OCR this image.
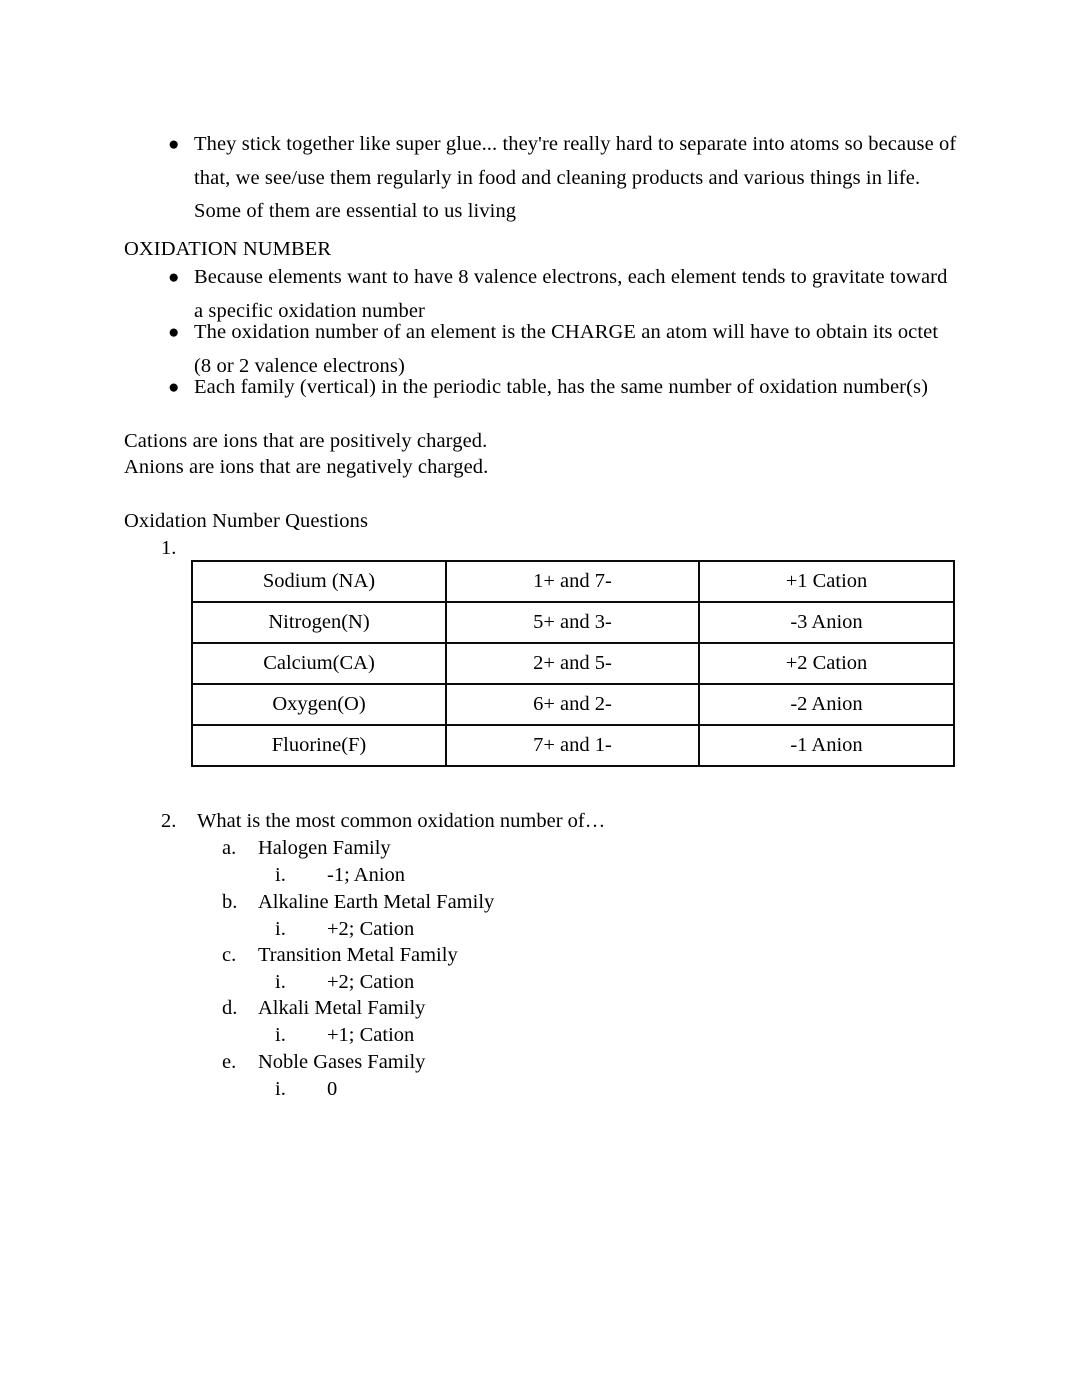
● They stick together like super glue... they're really hard to separate into atoms so because of that, we see/use them regularly in food and cleaning products and various things in life. Some of them are essential to us living
OXIDATION NUMBER
● Because elements want to have 8 valence electrons, each element tends to gravitate toward a specific oxidation number
● The oxidation number of an element is the CHARGE an atom will have to obtain its octet (8 or 2 valence electrons)
● Each family (vertical) in the periodic table, has the same number of oxidation number(s)
Cations are ions that are positively charged.
Anions are ions that are negatively charged.
Oxidation Number Questions
1.
Sodium (NA)	1+ and 7-	+1 Cation
Nitrogen(N)	5+ and 3-	-3 Anion
Calcium(CA)	2+ and 5-	+2 Cation
Oxygen(O)	6+ and 2-	-2 Anion
Fluorine(F)	7+ and 1-	-1 Anion
2.	What is the most common oxidation number of…
a.	Halogen Family
i.	-1; Anion
b.	Alkaline Earth Metal Family
i.	+2; Cation
c.	Transition Metal Family
i.	+2; Cation
d.	Alkali Metal Family
i.	+1; Cation
e.	Noble Gases Family
i.	0
